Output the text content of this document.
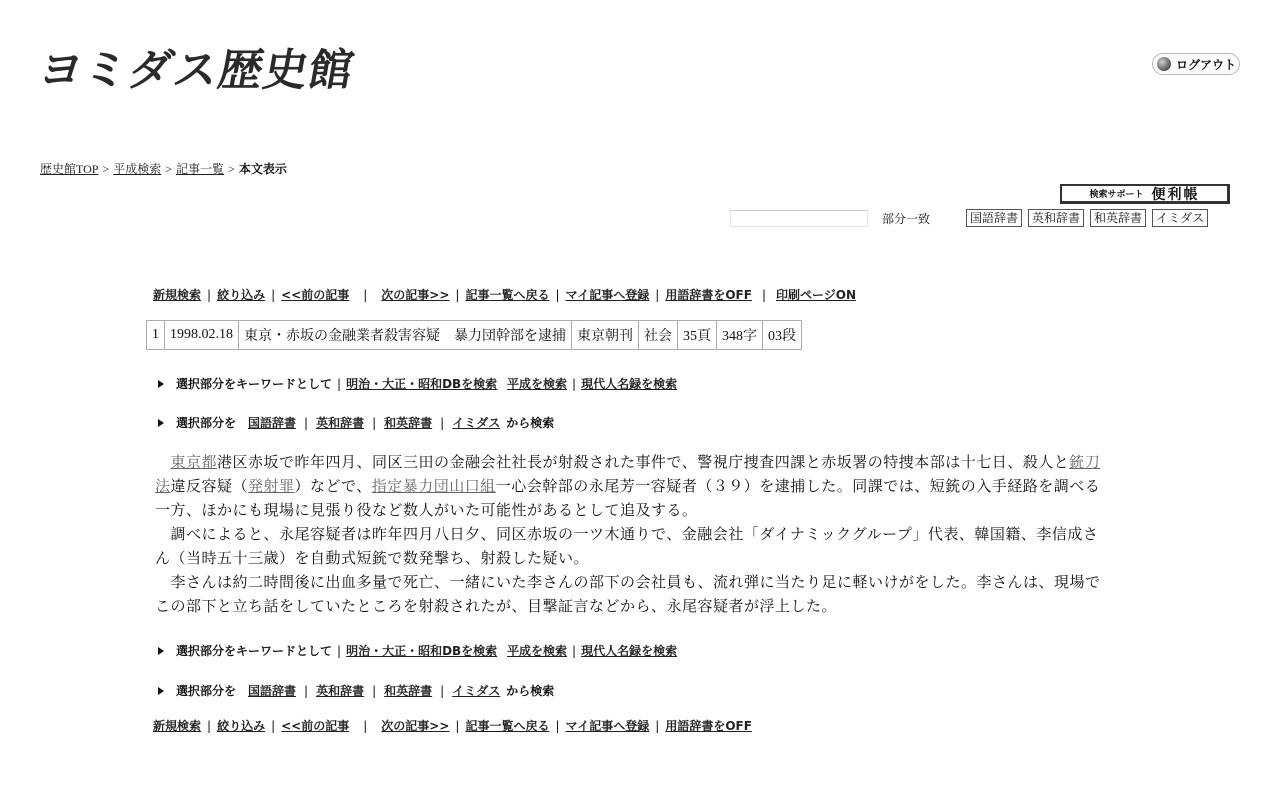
ヨミダス歴史館	ログアウト
歴史館TOP > 平成検索 > 記事一覧 > 本文表示
検索サポート 便利帳
部分一致	国語辞書	英和辞書	和英辞書	イミダス
新規検索 | 絞り込み | <<前の記事 | 次の記事>> | 記事一覧へ戻る | マイ記事へ登録 | 用語辞書をOFF | 印刷ページON
1	1998.02.18	東京・赤坂の金融業者殺害容疑　暴力団幹部を逮捕	東京朝刊	社会	35頁	348字	03段
選択部分をキーワードとして | 明治・大正・昭和DBを検索 平成を検索 | 現代人名録を検索
選択部分を 国語辞書 | 英和辞書 | 和英辞書 | イミダス から検索

　東京都港区赤坂で昨年四月、同区三田の金融会社社長が射殺された事件で、警視庁捜査四課と赤坂署の特捜本部は十七日、殺人と銃刀法違反容疑（発射罪）などで、指定暴力団山口組一心会幹部の永尾芳一容疑者（３９）を逮捕した。同課では、短銃の入手経路を調べる一方、ほかにも現場に見張り役など数人がいた可能性があるとして追及する。

　調べによると、永尾容疑者は昨年四月八日夕、同区赤坂の一ツ木通りで、金融会社「ダイナミックグループ」代表、韓国籍、李信成さん（当時五十三歳）を自動式短銃で数発撃ち、射殺した疑い。

　李さんは約二時間後に出血多量で死亡、一緒にいた李さんの部下の会社員も、流れ弾に当たり足に軽いけがをした。李さんは、現場でこの部下と立ち話をしていたところを射殺されたが、目撃証言などから、永尾容疑者が浮上した。

選択部分をキーワードとして | 明治・大正・昭和DBを検索 平成を検索 | 現代人名録を検索
選択部分を 国語辞書 | 英和辞書 | 和英辞書 | イミダス から検索
新規検索 | 絞り込み | <<前の記事 | 次の記事>> | 記事一覧へ戻る | マイ記事へ登録 | 用語辞書をOFF
